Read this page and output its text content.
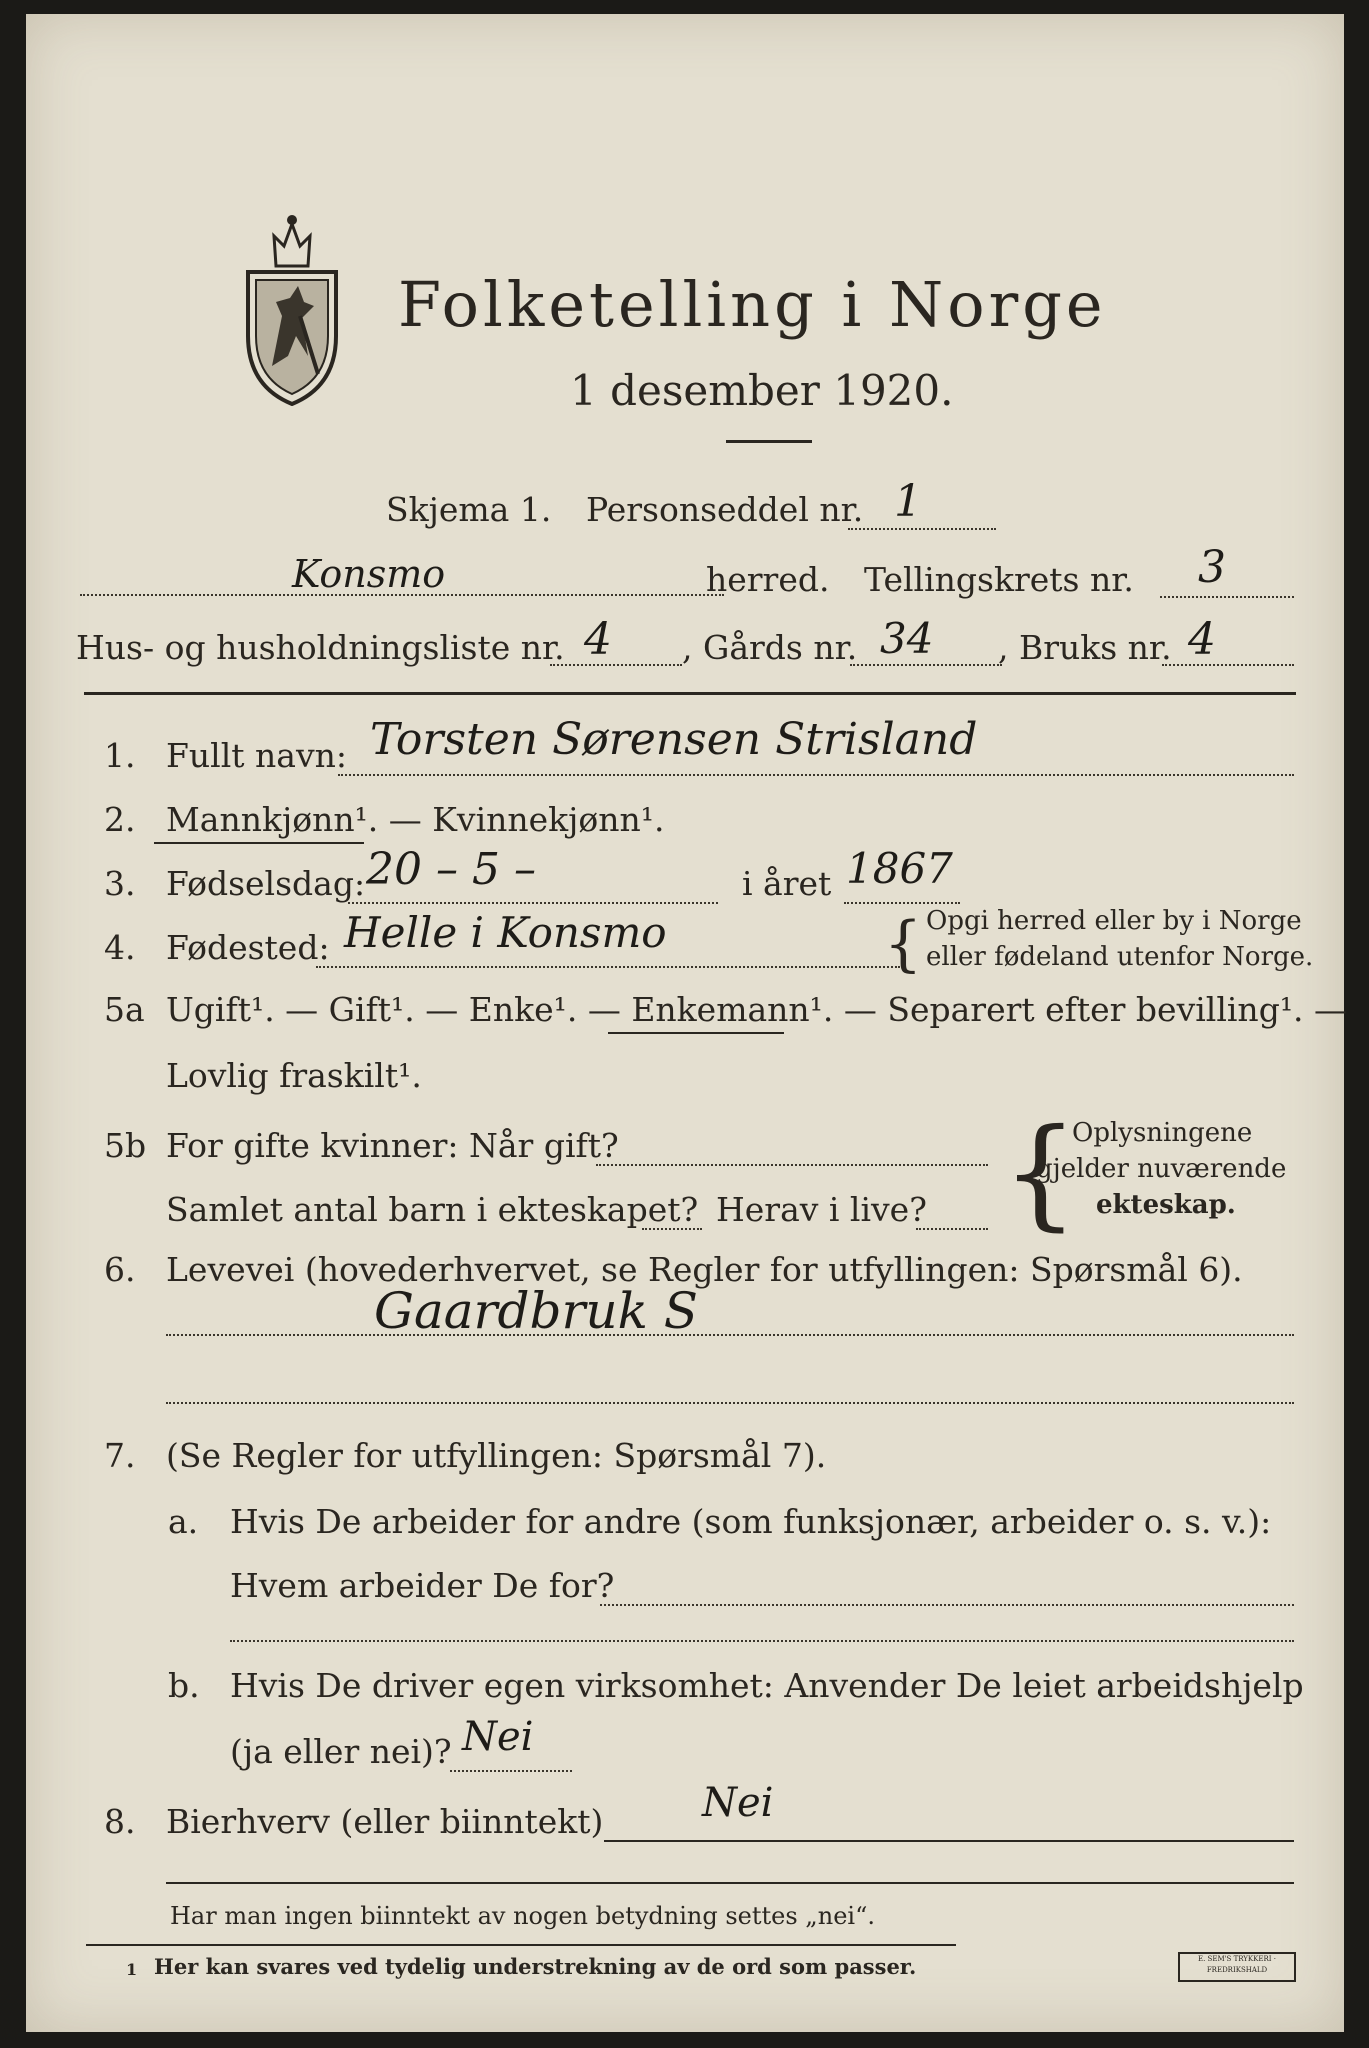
Folketelling i Norge
1 desember 1920.
Skjema 1. Personseddel nr. 1
Konsmo	herred. Tellingskrets nr. 3
Hus- og husholdningsliste nr. 4 , Gårds nr. 34 , Bruks nr. 4
1. Fullt navn: Torsten Sørensen Strisland
2. Mannkjønn¹. — Kvinnekjønn¹.
3. Fødselsdag: 20 – 5 –	i året 1867
4. Fødested: Helle i Konsmo	{ Opgi herred eller by i Norge
eller fødeland utenfor Norge.
5a Ugift¹. — Gift¹. — Enke¹. — Enkemann¹. — Separert efter bevilling¹. —
Lovlig fraskilt¹.
5b For gifte kvinner: Når gift?
Samlet antal barn i ekteskapet? Herav i live? {
Oplysningene
gjelder nuværende
ekteskap.
6. Levevei (hovederhvervet, se Regler for utfyllingen: Spørsmål 6).
Gaardbruk S
7. (Se Regler for utfyllingen: Spørsmål 7).
a. Hvis De arbeider for andre (som funksjonær, arbeider o. s. v.):
Hvem arbeider De for?
b. Hvis De driver egen virksomhet: Anvender De leiet arbeidshjelp
(ja eller nei)? Nei
8. Bierhverv (eller biinntekt) Nei
Har man ingen biinntekt av nogen betydning settes „nei“.
1 Her kan svares ved tydelig understrekning av de ord som passer.	E. SEM'S TRYKKERI · FREDRIKSHALD
